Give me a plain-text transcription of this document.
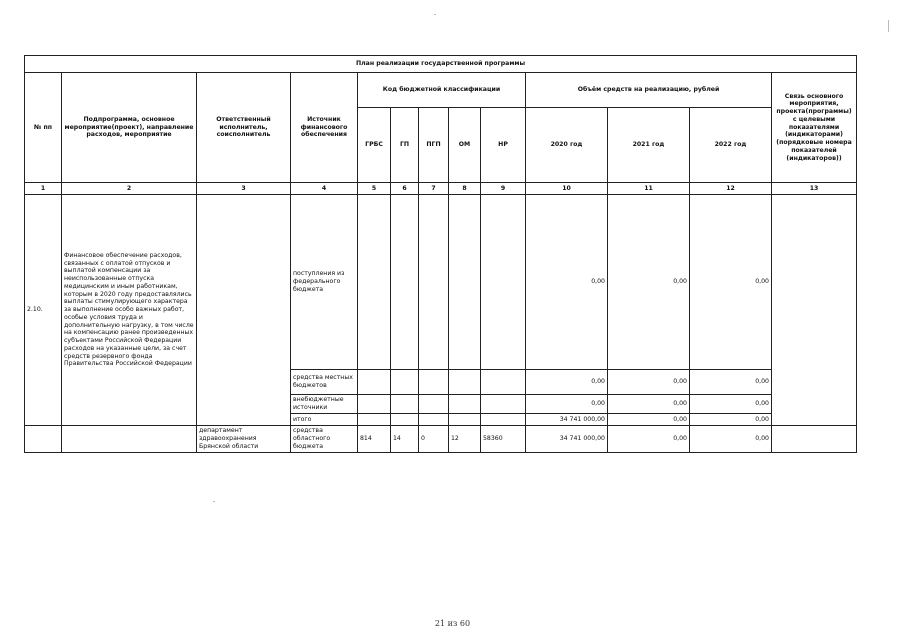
План реализации государственной программы												
№ пп	Подпрограмма, основное мероприятие(проект), направление расходов, мероприятие	Ответственный исполнитель, соисполнитель	Источник финансового обеспечения	Код бюджетной классификации					Объём средств на реализацию, рублей			Связь основного мероприятия, проекта(программы) с целевыми показателями (индикаторами) (порядковые номера показателей (индикаторов))
				ГРБС	ГП	ПГП	ОМ	НР	2020 год	2021 год	2022 год	
1	2	3	4	5	6	7	8	9	10	11	12	13
2.10.	Финансовое обеспечение расходов, связанных с оплатой отпусков и выплатой компенсации за неиспользованные отпуска медицинским и иным работникам, которым в 2020 году предоставлялись выплаты стимулирующего характера за выполнение особо важных работ, особые условия труда и дополнительную нагрузку, в том числе на компенсацию ранее произведенных субъектами Российской Федерации расходов на указанные цели, за счет средств резервного фонда Правительства Российской Федерации		поступления из федерального бюджета						0,00	0,00	0,00	
			средства местных бюджетов						0,00	0,00	0,00	
			внебюджетные источники						0,00	0,00	0,00	
			итого						34 741 000,00	0,00	0,00	
		департамент здравоохранения Брянской области	средства областного бюджета	814	14	0	12	58360	34 741 000,00	0,00	0,00	
21 из 60
